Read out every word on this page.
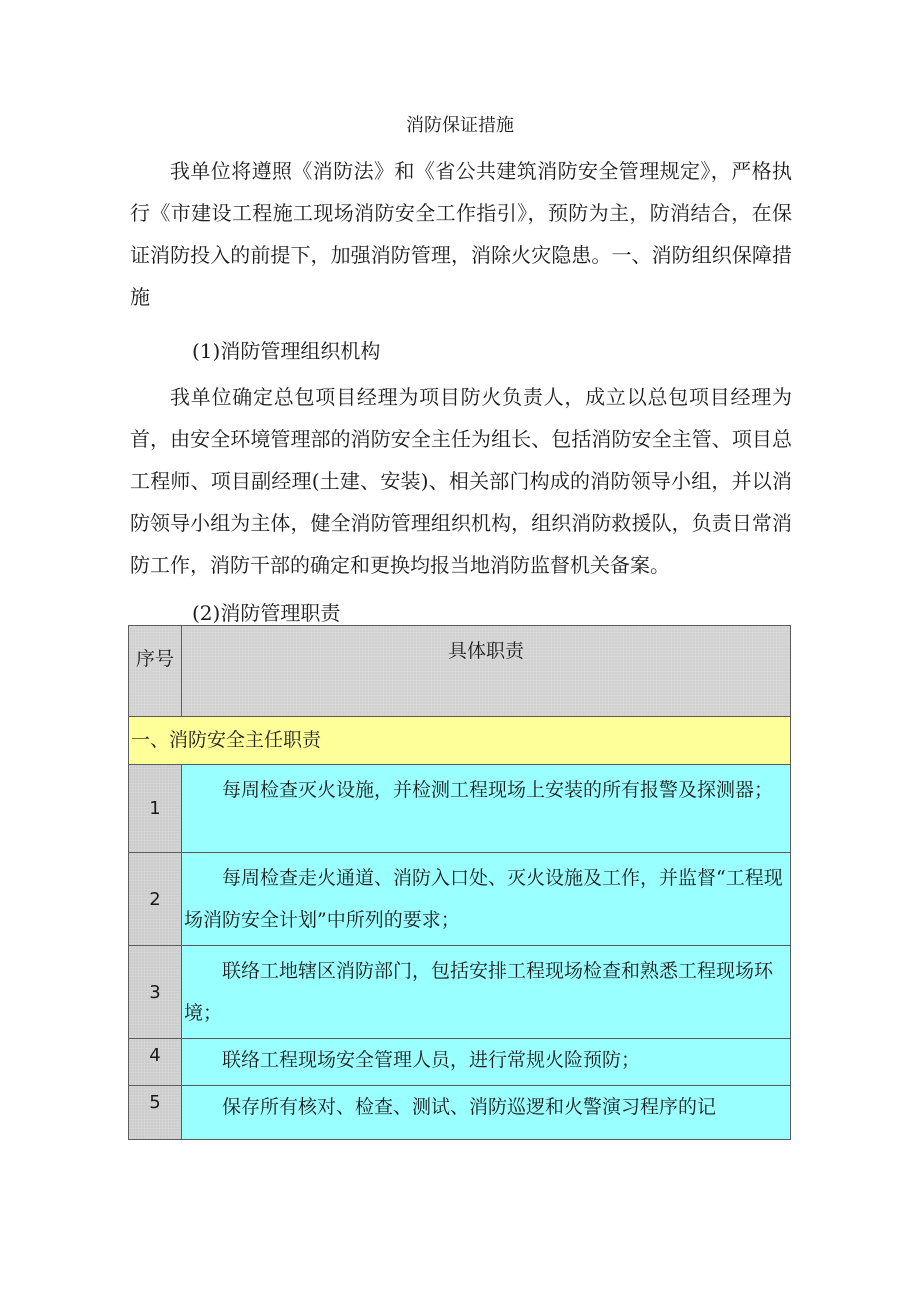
消防保证措施

我单位将遵照《消防法》和《省公共建筑消防安全管理规定》，严格执行《市建设工程施工现场消防安全工作指引》，预防为主，防消结合，在保证消防投入的前提下，加强消防管理，消除火灾隐患。一、消防组织保障措施

(1)消防管理组织机构

我单位确定总包项目经理为项目防火负责人，成立以总包项目经理为首，由安全环境管理部的消防安全主任为组长、包括消防安全主管、项目总工程师、项目副经理(土建、安装)、相关部门构成的消防领导小组，并以消防领导小组为主体，健全消防管理组织机构，组织消防救援队，负责日常消防工作，消防干部的确定和更换均报当地消防监督机关备案。

(2)消防管理职责

序号	具体职责
一、消防安全主任职责	
1	每周检查灭火设施，并检测工程现场上安装的所有报警及探测器；
2	每周检查走火通道、消防入口处、灭火设施及工作，并监督“工程现场消防安全计划”中所列的要求；
3	联络工地辖区消防部门，包括安排工程现场检查和熟悉工程现场环境；
4	联络工程现场安全管理人员，进行常规火险预防；
5	保存所有核对、检查、测试、消防巡逻和火警演习程序的记
